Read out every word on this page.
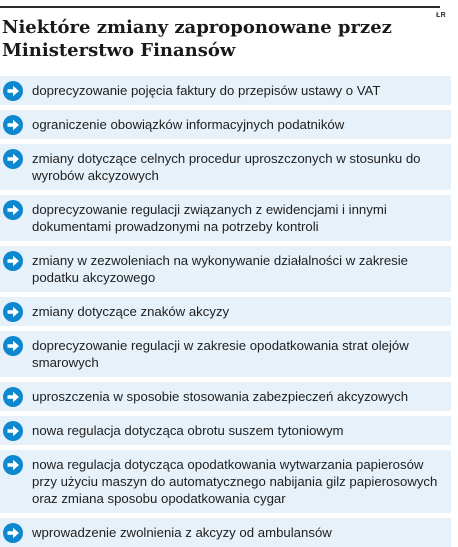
ŁR
Niektóre zmiany zaproponowane przez Ministerstwo Finansów
doprecyzowanie pojęcia faktury do przepisów ustawy o VAT
ograniczenie obowiązków informacyjnych podatników
zmiany dotyczące celnych procedur uproszczonych w stosunku do wyrobów akcyzowych
doprecyzowanie regulacji związanych z ewidencjami i innymi dokumentami prowadzonymi na potrzeby kontroli
zmiany w zezwoleniach na wykonywanie działalności w zakresie podatku akcyzowego
zmiany dotyczące znaków akcyzy
doprecyzowanie regulacji w zakresie opodatkowania strat olejów smarowych
uproszczenia w sposobie stosowania zabezpieczeń akcyzowych
nowa regulacja dotycząca obrotu suszem tytoniowym
nowa regulacja dotycząca opodatkowania wytwarzania papierosów przy użyciu maszyn do automatycznego nabijania gilz papierosowych oraz zmiana sposobu opodatkowania cygar
wprowadzenie zwolnienia z akcyzy od ambulansów
